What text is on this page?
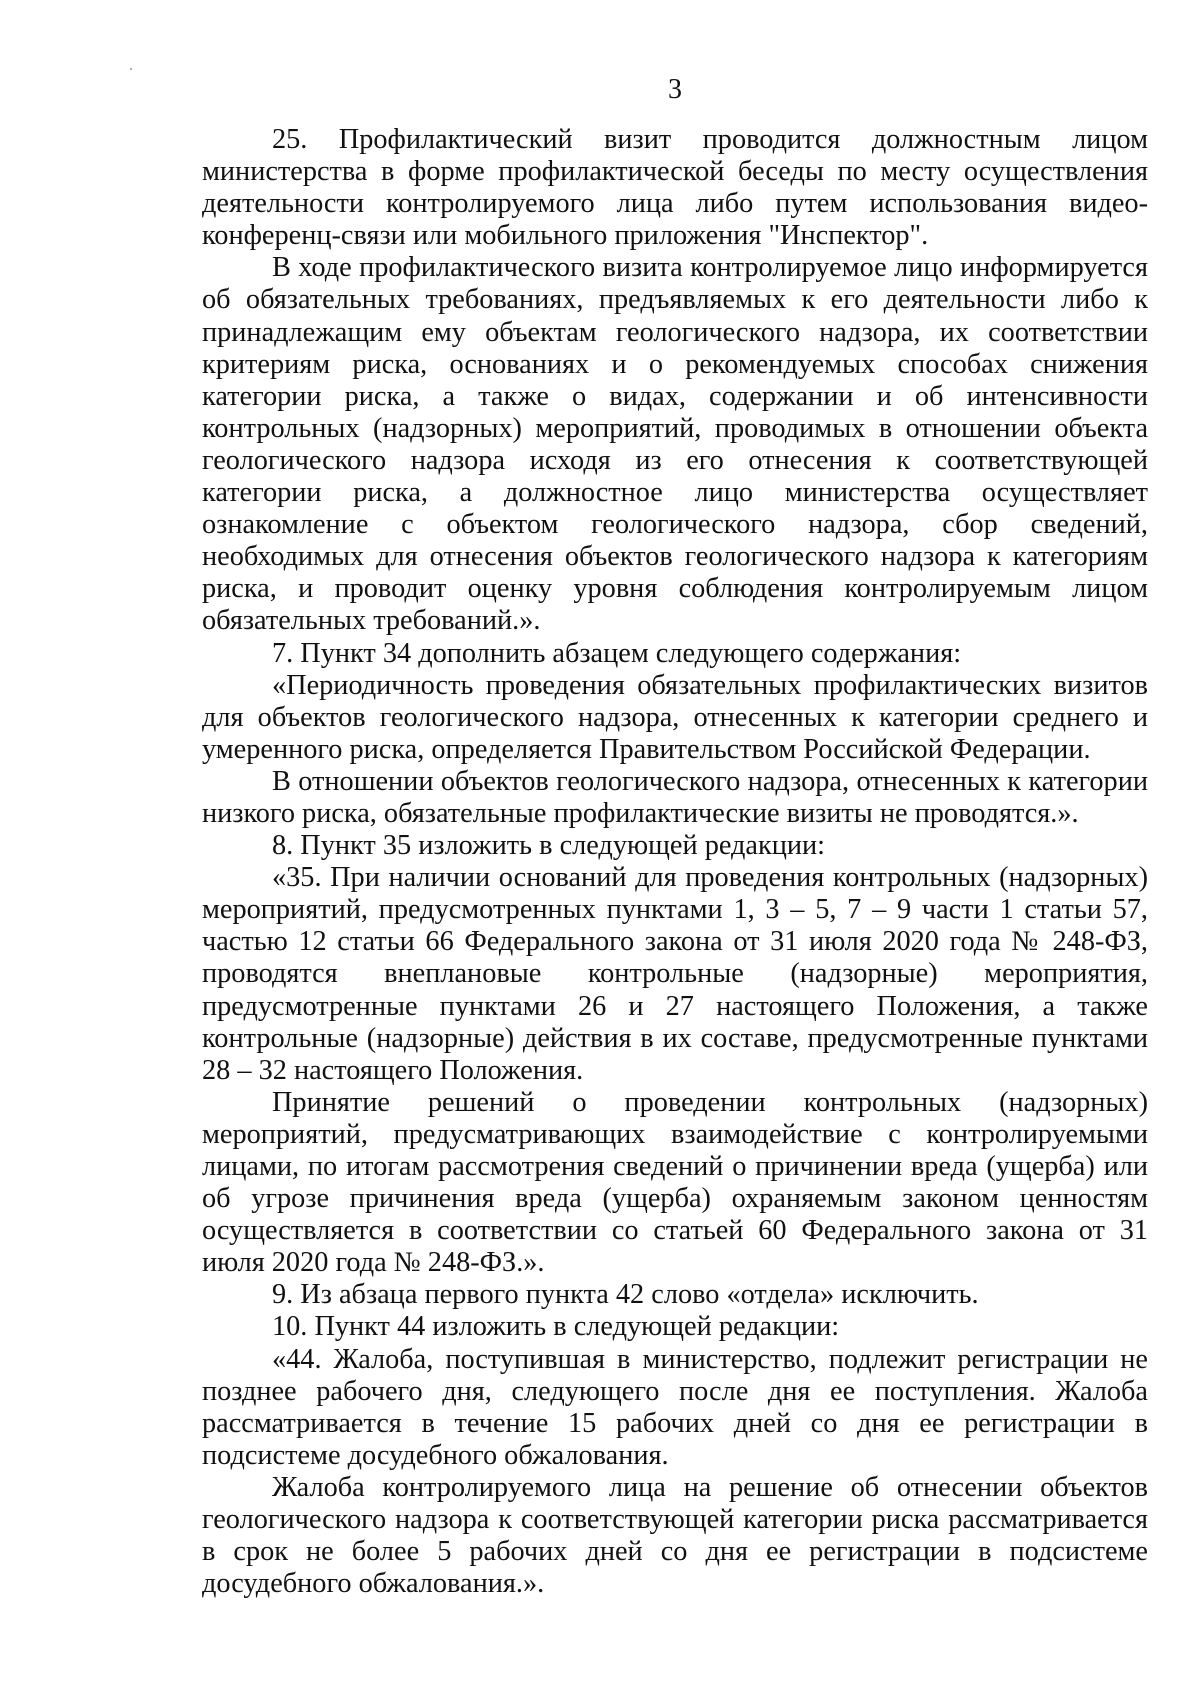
3

25. Профилактический визит проводится должностным лицом министерства в форме профилактической беседы по месту осуществления деятельности контролируемого лица либо путем использования видео-конференц-связи или мобильного приложения "Инспектор".

В ходе профилактического визита контролируемое лицо информируется об обязательных требованиях, предъявляемых к его деятельности либо к принадлежащим ему объектам геологического надзора, их соответствии критериям риска, основаниях и о рекомендуемых способах снижения категории риска, а также о видах, содержании и об интенсивности контрольных (надзорных) мероприятий, проводимых в отношении объекта геологического надзора исходя из его отнесения к соответствующей категории риска, а должностное лицо министерства осуществляет ознакомление с объектом геологического надзора, сбор сведений, необходимых для отнесения объектов геологического надзора к категориям риска, и проводит оценку уровня соблюдения контролируемым лицом обязательных требований.».

7. Пункт 34 дополнить абзацем следующего содержания:

«Периодичность проведения обязательных профилактических визитов для объектов геологического надзора, отнесенных к категории среднего и умеренного риска, определяется Правительством Российской Федерации.

В отношении объектов геологического надзора, отнесенных к категории низкого риска, обязательные профилактические визиты не проводятся.».

8. Пункт 35 изложить в следующей редакции:

«35. При наличии оснований для проведения контрольных (надзорных) мероприятий, предусмотренных пунктами 1, 3 – 5, 7 – 9 части 1 статьи 57, частью 12 статьи 66 Федерального закона от 31 июля 2020 года № 248-ФЗ, проводятся внеплановые контрольные (надзорные) мероприятия, предусмотренные пунктами 26 и 27 настоящего Положения, а также контрольные (надзорные) действия в их составе, предусмотренные пунктами 28 – 32 настоящего Положения.

Принятие решений о проведении контрольных (надзорных) мероприятий, предусматривающих взаимодействие с контролируемыми лицами, по итогам рассмотрения сведений о причинении вреда (ущерба) или об угрозе причинения вреда (ущерба) охраняемым законом ценностям осуществляется в соответствии со статьей 60 Федерального закона от 31 июля 2020 года № 248-ФЗ.».

9. Из абзаца первого пункта 42 слово «отдела» исключить.

10. Пункт 44 изложить в следующей редакции:

«44. Жалоба, поступившая в министерство, подлежит регистрации не позднее рабочего дня, следующего после дня ее поступления. Жалоба рассматривается в течение 15 рабочих дней со дня ее регистрации в подсистеме досудебного обжалования.

Жалоба контролируемого лица на решение об отнесении объектов геологического надзора к соответствующей категории риска рассматривается в срок не более 5 рабочих дней со дня ее регистрации в подсистеме досудебного обжалования.».
